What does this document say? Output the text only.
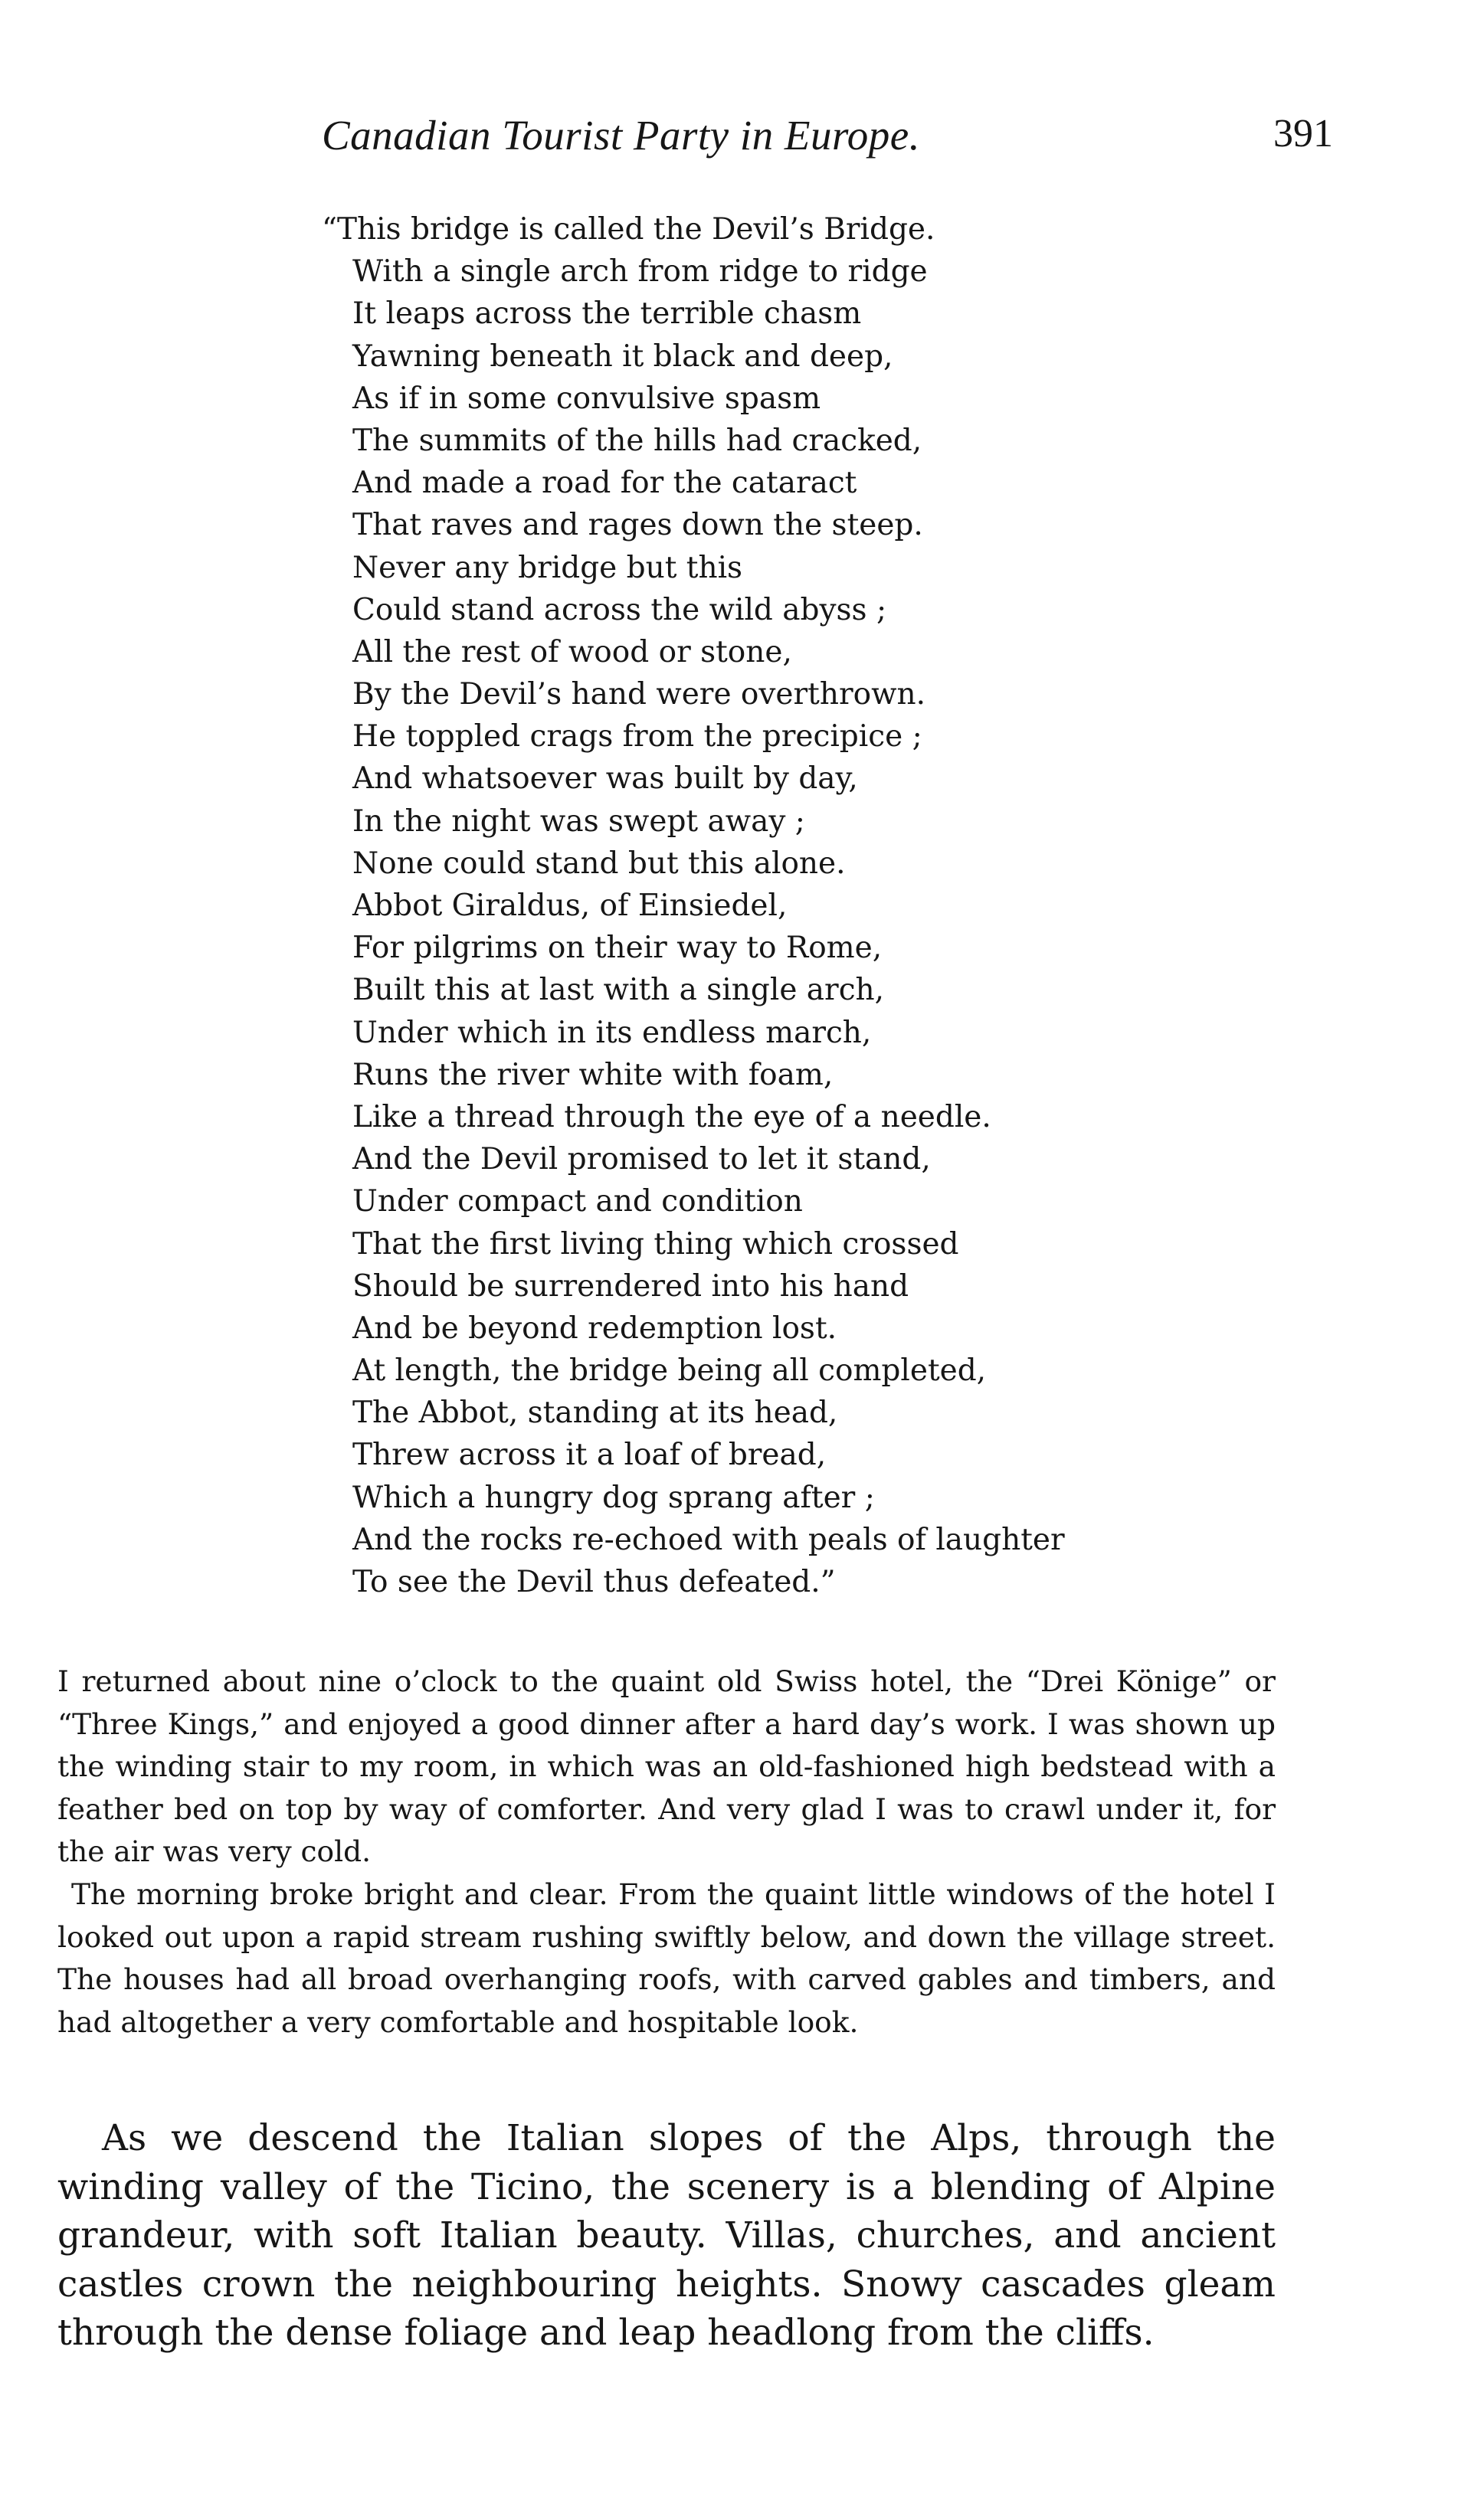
Canadian Tourist Party in Europe.	391
“This bridge is called the Devil’s Bridge.
With a single arch from ridge to ridge
It leaps across the terrible chasm
Yawning beneath it black and deep,
As if in some convulsive spasm
The summits of the hills had cracked,
And made a road for the cataract
That raves and rages down the steep.
Never any bridge but this
Could stand across the wild abyss ;
All the rest of wood or stone,
By the Devil’s hand were overthrown.
He toppled crags from the precipice ;
And whatsoever was built by day,
In the night was swept away ;
None could stand but this alone.
Abbot Giraldus, of Einsiedel,
For pilgrims on their way to Rome,
Built this at last with a single arch,
Under which in its endless march,
Runs the river white with foam,
Like a thread through the eye of a needle.
And the Devil promised to let it stand,
Under compact and condition
That the first living thing which crossed
Should be surrendered into his hand
And be beyond redemption lost.
At length, the bridge being all completed,
The Abbot, standing at its head,
Threw across it a loaf of bread,
Which a hungry dog sprang after ;
And the rocks re-echoed with peals of laughter
To see the Devil thus defeated.”

I returned about nine o’clock to the quaint old Swiss hotel, the “Drei Könige” or “Three Kings,” and enjoyed a good dinner after a hard day’s work. I was shown up the winding stair to my room, in which was an old-fashioned high bedstead with a feather bed on top by way of comforter. And very glad I was to crawl under it, for the air was very cold.

The morning broke bright and clear. From the quaint little windows of the hotel I looked out upon a rapid stream rushing swiftly below, and down the village street. The houses had all broad overhanging roofs, with carved gables and timbers, and had altogether a very comfortable and hospitable look.

As we descend the Italian slopes of the Alps, through the winding valley of the Ticino, the scenery is a blending of Alpine grandeur, with soft Italian beauty. Villas, churches, and ancient castles crown the neighbouring heights. Snowy cascades gleam through the dense foliage and leap headlong from the cliffs.
